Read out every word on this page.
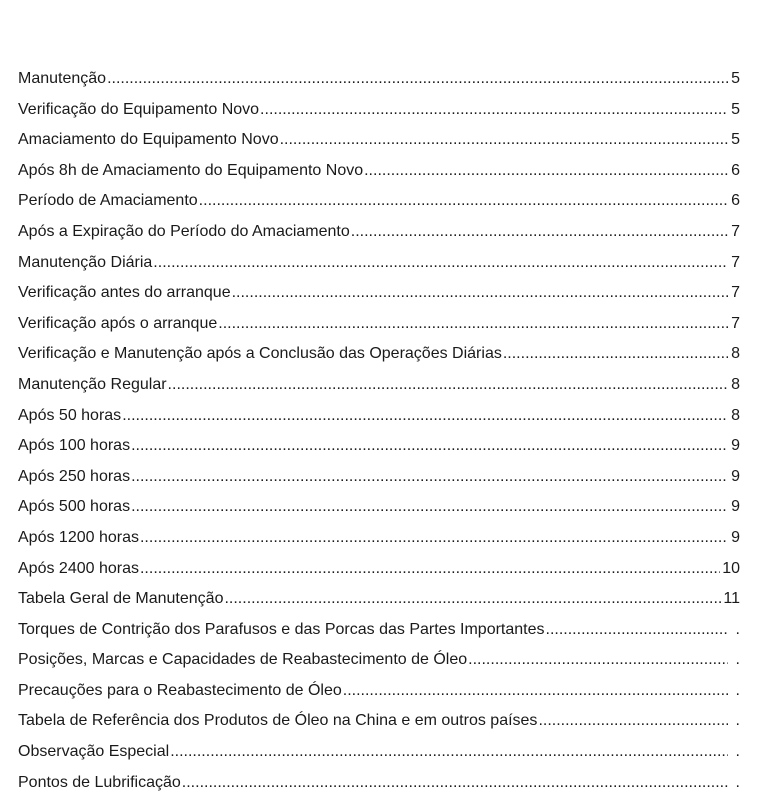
Manutenção .....	5
Verificação do Equipamento Novo .....	5
Amaciamento do Equipamento Novo .....	5
Após 8h de Amaciamento do Equipamento Novo .....	6
Período de Amaciamento .....	6
Após a Expiração do Período do Amaciamento .....	7
Manutenção Diária .....	7
Verificação antes do arranque .....	7
Verificação após o arranque .....	7
Verificação e Manutenção após a Conclusão das Operações Diárias .....	8
Manutenção Regular .....	8
Após 50 horas .....	8
Após 100 horas .....	9
Após 250 horas .....	9
Após 500 horas .....	9
Após 1200 horas .....	9
Após 2400 horas .....	10
Tabela Geral de Manutenção .....	11
Torques de Contrição dos Parafusos e das Porcas das Partes Importantes .....	.
Posições, Marcas e Capacidades de Reabastecimento de Óleo .....	.
Precauções para o Reabastecimento de Óleo .....	.
Tabela de Referência dos Produtos de Óleo na China e em outros países .....	.
Observação Especial .....	.
Pontos de Lubrificação .....	.
